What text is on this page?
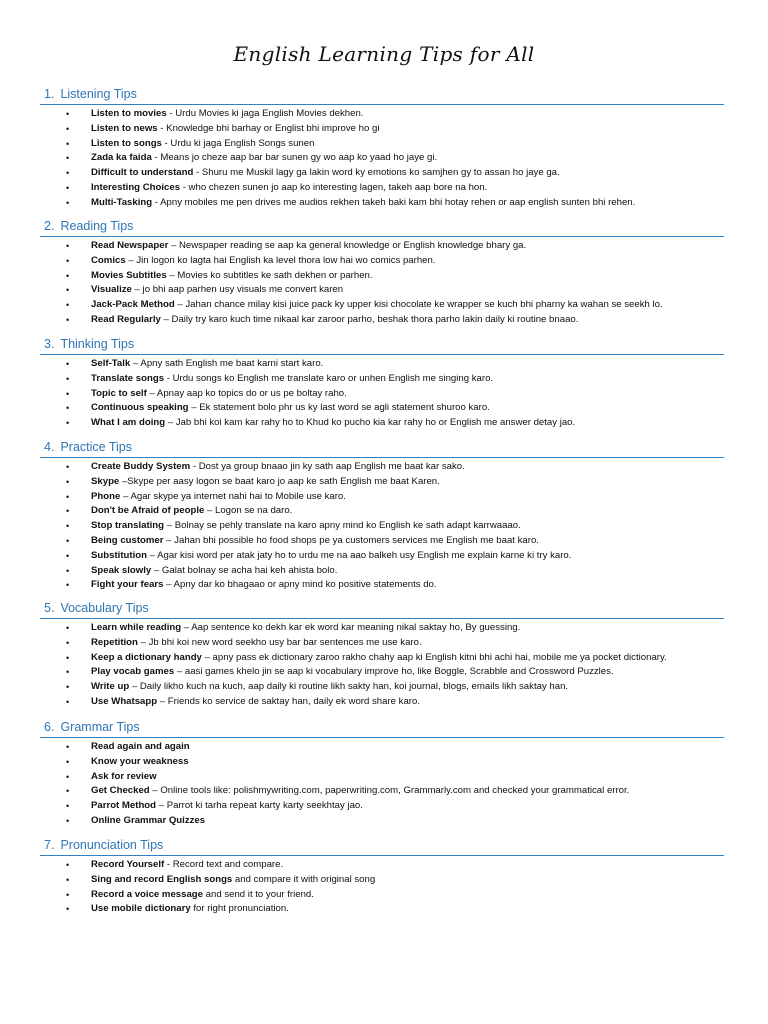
English Learning Tips for All
1. Listening Tips
• Listen to movies - Urdu Movies ki jaga English Movies dekhen.
• Listen to news - Knowledge bhi barhay or Englist bhi improve ho gi
• Listen to songs - Urdu ki jaga English Songs sunen
• Zada ka faida - Means jo cheze aap bar bar sunen gy wo aap ko yaad ho jaye gi.
• Difficult to understand - Shuru me Muskil lagy ga lakin word ky emotions ko samjhen gy to assan ho jaye ga.
• Interesting Choices - who chezen sunen jo aap ko interesting lagen, takeh aap bore na hon.
• Multi-Tasking - Apny mobiles me pen drives me audios rekhen takeh baki kam bhi hotay rehen or aap english sunten bhi rehen.
2. Reading Tips
• Read Newspaper – Newspaper reading se aap ka general knowledge or English knowledge bhary ga.
• Comics – Jin logon ko lagta hai English ka level thora low hai wo comics parhen.
• Movies Subtitles – Movies ko subtitles ke sath dekhen or parhen.
• Visualize – jo bhi aap parhen usy visuals me convert karen
• Jack-Pack Method – Jahan chance milay kisi juice pack ky upper kisi chocolate ke wrapper se kuch bhi pharny ka wahan se seekh lo.
• Read Regularly – Daily try karo kuch time nikaal kar zaroor parho, beshak thora parho lakin daily ki routine bnaao.
3. Thinking Tips
• Self-Talk – Apny sath English me baat karni start karo.
• Translate songs - Urdu songs ko English me translate karo or unhen English me singing karo.
• Topic to self – Apnay aap ko topics do or us pe boltay raho.
• Continuous speaking – Ek statement bolo phr us ky last word se agli statement shuroo karo.
• What I am doing – Jab bhi koi kam kar rahy ho to Khud ko pucho kia kar rahy ho or English me answer detay jao.
4. Practice Tips
• Create Buddy System - Dost ya group bnaao jin ky sath aap English me baat kar sako.
• Skype –Skype per aasy logon se baat karo jo aap ke sath English me baat Karen.
• Phone – Agar skype ya internet nahi hai to Mobile use karo.
• Don't be Afraid of people – Logon se na daro.
• Stop translating – Bolnay se pehly translate na karo apny mind ko English ke sath adapt karrwaaao.
• Being customer – Jahan bhi possible ho food shops pe ya customers services me English me baat karo.
• Substitution – Agar kisi word per atak jaty ho to urdu me na aao balkeh usy English me explain karne ki try karo.
• Speak slowly – Galat bolnay se acha hai keh ahista bolo.
• Fight your fears – Apny dar ko bhagaao or apny mind ko positive statements do.
5. Vocabulary Tips
• Learn while reading – Aap sentence ko dekh kar ek word kar meaning nikal saktay ho, By guessing.
• Repetition – Jb bhi koi new word seekho usy bar bar sentences me use karo.
• Keep a dictionary handy – apny pass ek dictionary zaroo rakho chahy aap ki English kitni bhi achi hai, mobile me ya pocket dictionary.
• Play vocab games – aasi games khelo jin se aap ki vocabulary improve ho, like Boggle, Scrabble and Crossword Puzzles.
• Write up – Daily likho kuch na kuch, aap daily ki routine likh sakty han, koi journal, blogs, emails likh saktay han.
• Use Whatsapp – Friends ko service de saktay han, daily ek word share karo.
6. Grammar Tips
• Read again and again
• Know your weakness
• Ask for review
• Get Checked – Online tools like: polishmywriting.com, paperwriting.com, Grammarly.com and checked your grammatical error.
• Parrot Method – Parrot ki tarha repeat karty karty seekhtay jao.
• Online Grammar Quizzes
7. Pronunciation Tips
• Record Yourself - Record text and compare.
• Sing and record English songs and compare it with original song
• Record a voice message and send it to your friend.
• Use mobile dictionary for right pronunciation.
